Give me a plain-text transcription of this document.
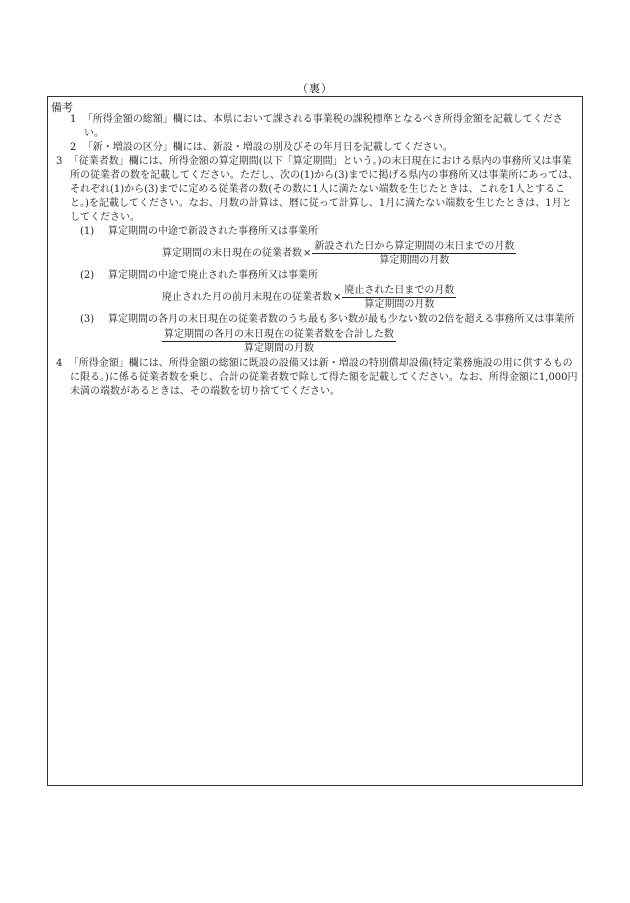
（裏）
備考
1 「所得金額の総額」欄には、本県において課される事業税の課税標準となるべき所得金額を記載してください。
2 「新・増設の区分」欄には、新設・増設の別及びその年月日を記載してください。
3 「従業者数」欄には、所得金額の算定期間(以下「算定期間」という。)の末日現在における県内の事務所又は事業所の従業者の数を記載してください。ただし、次の(1)から(3)までに掲げる県内の事務所又は事業所にあっては、それぞれ(1)から(3)までに定める従業者の数(その数に1人に満たない端数を生じたときは、これを1人とすること。)を記載してください。なお、月数の計算は、暦に従って計算し、1月に満たない端数を生じたときは、1月としてください。
(1)	算定期間の中途で新設された事務所又は事業所
算定期間の末日現在の従業者数 × $\frac{\text{新設された日から算定期間の末日までの月数}}{\text{算定期間の月数}}$
(2)	算定期間の中途で廃止された事務所又は事業所
廃止された月の前月末現在の従業者数 × $\frac{\text{廃止された日までの月数}}{\text{算定期間の月数}}$
(3)	算定期間の各月の末日現在の従業者数のうち最も多い数が最も少ない数の2倍を超える事務所又は事業所
$\frac{\text{算定期間の各月の末日現在の従業者数を合計した数}}{\text{算定期間の月数}}$
4 「所得金額」欄には、所得金額の総額に既設の設備又は新・増設の特別償却設備(特定業務施設の用に供するものに限る。)に係る従業者数を乗じ、合計の従業者数で除して得た額を記載してください。なお、所得金額に1,000円未満の端数があるときは、その端数を切り捨ててください。
